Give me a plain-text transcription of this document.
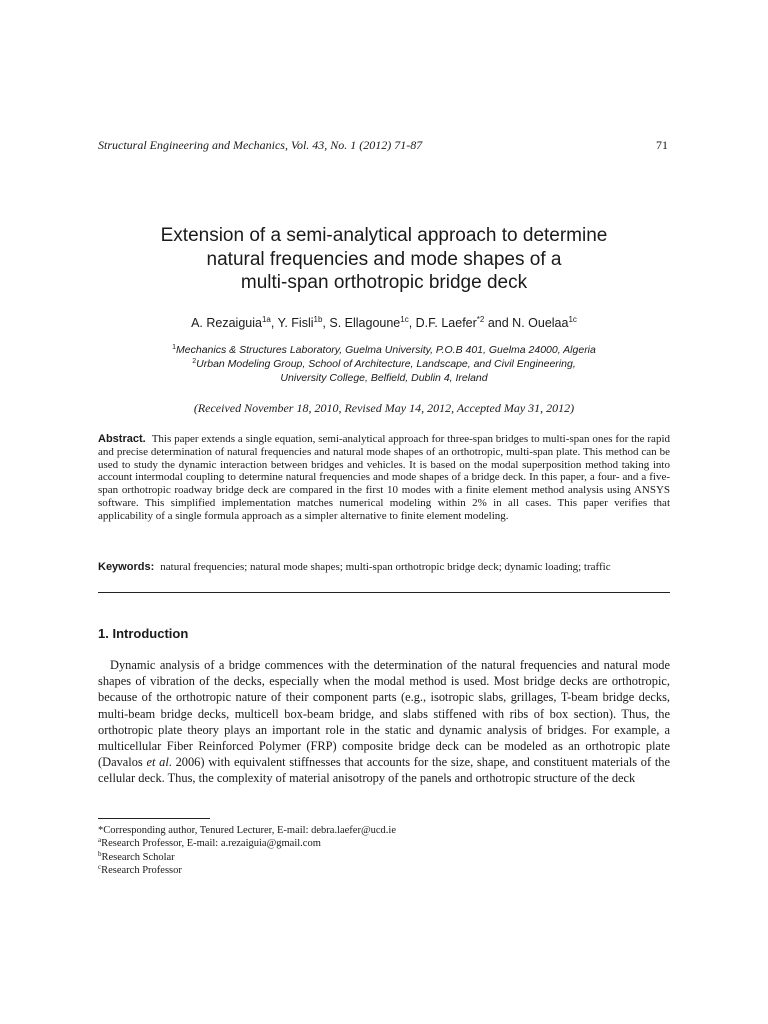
Structural Engineering and Mechanics, Vol. 43, No. 1 (2012) 71-87	71
Extension of a semi-analytical approach to determine
natural frequencies and mode shapes of a
multi-span orthotropic bridge deck
A. Rezaiguia$^{1a}$, Y. Fisli$^{1b}$, S. Ellagoune$^{1c}$, D.F. Laefer$^{*2}$ and N. Ouelaa$^{1c}$
$^1$Mechanics & Structures Laboratory, Guelma University, P.O.B 401, Guelma 24000, Algeria
$^2$Urban Modeling Group, School of Architecture, Landscape, and Civil Engineering,
University College, Belfield, Dublin 4, Ireland
(Received November 18, 2010, Revised May 14, 2012, Accepted May 31, 2012)

Abstract. This paper extends a single equation, semi-analytical approach for three-span bridges to multi-span ones for the rapid and precise determination of natural frequencies and natural mode shapes of an orthotropic, multi-span plate. This method can be used to study the dynamic interaction between bridges and vehicles. It is based on the modal superposition method taking into account intermodal coupling to determine natural frequencies and mode shapes of a bridge deck. In this paper, a four- and a five-span orthotropic roadway bridge deck are compared in the first 10 modes with a finite element method analysis using ANSYS software. This simplified implementation matches numerical modeling within 2% in all cases. This paper verifies that applicability of a single formula approach as a simpler alternative to finite element modeling.

Keywords: natural frequencies; natural mode shapes; multi-span orthotropic bridge deck; dynamic loading; traffic

1. Introduction

Dynamic analysis of a bridge commences with the determination of the natural frequencies and natural mode shapes of vibration of the decks, especially when the modal method is used. Most bridge decks are orthotropic, because of the orthotropic nature of their component parts (e.g., isotropic slabs, grillages, T-beam bridge decks, multi-beam bridge decks, multicell box-beam bridge, and slabs stiffened with ribs of box section). Thus, the orthotropic plate theory plays an important role in the static and dynamic analysis of bridges. For example, a multicellular Fiber Reinforced Polymer (FRP) composite bridge deck can be modeled as an orthotropic plate (Davalos et al. 2006) with equivalent stiffnesses that accounts for the size, shape, and constituent materials of the cellular deck. Thus, the complexity of material anisotropy of the panels and orthotropic structure of the deck

*Corresponding author, Tenured Lecturer, E-mail: debra.laefer@ucd.ie
$^a$Research Professor, E-mail: a.rezaiguia@gmail.com
$^b$Research Scholar
$^c$Research Professor
